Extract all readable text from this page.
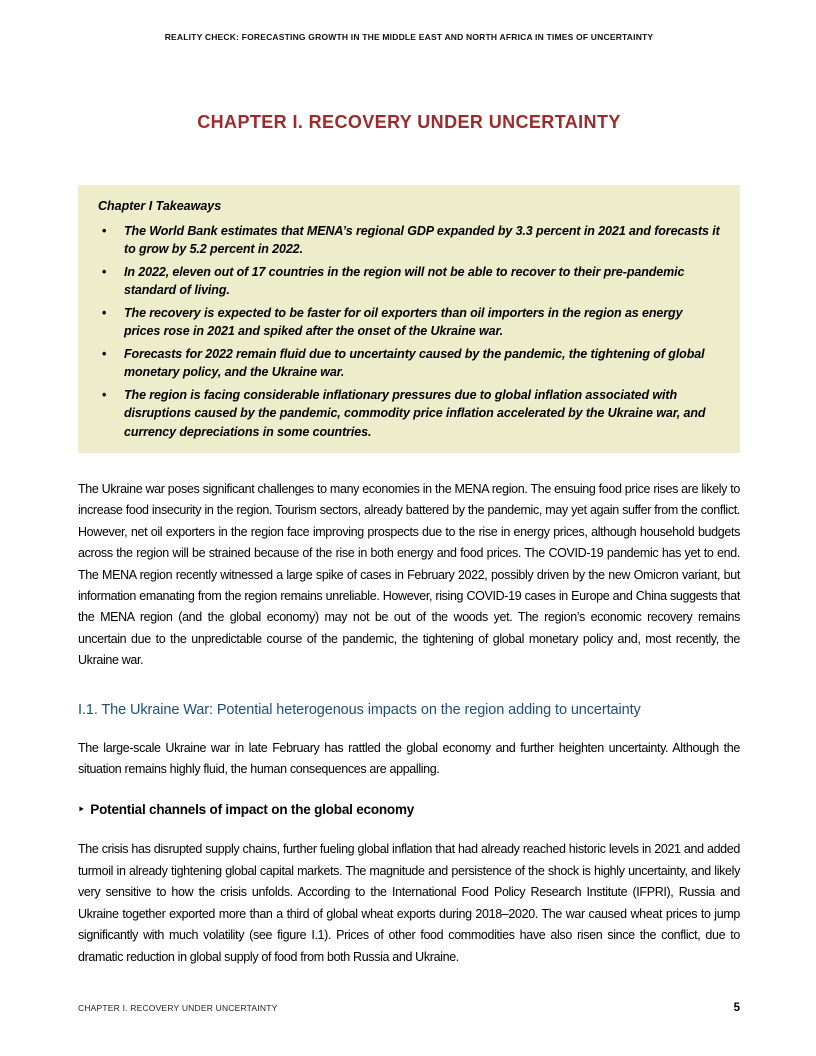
REALITY CHECK: FORECASTING GROWTH IN THE MIDDLE EAST AND NORTH AFRICA IN TIMES OF UNCERTAINTY
CHAPTER I. RECOVERY UNDER UNCERTAINTY

Chapter I Takeaways

•	The World Bank estimates that MENA’s regional GDP expanded by 3.3 percent in 2021 and forecasts it to grow by 5.2 percent in 2022.
•	In 2022, eleven out of 17 countries in the region will not be able to recover to their pre-pandemic standard of living.
•	The recovery is expected to be faster for oil exporters than oil importers in the region as energy prices rose in 2021 and spiked after the onset of the Ukraine war.
•	Forecasts for 2022 remain fluid due to uncertainty caused by the pandemic, the tightening of global monetary policy, and the Ukraine war.
•	The region is facing considerable inflationary pressures due to global inflation associated with disruptions caused by the pandemic, commodity price inflation accelerated by the Ukraine war, and currency depreciations in some countries.

The Ukraine war poses significant challenges to many economies in the MENA region. The ensuing food price rises are likely to increase food insecurity in the region. Tourism sectors, already battered by the pandemic, may yet again suffer from the conflict. However, net oil exporters in the region face improving prospects due to the rise in energy prices, although household budgets across the region will be strained because of the rise in both energy and food prices. The COVID-19 pandemic has yet to end. The MENA region recently witnessed a large spike of cases in February 2022, possibly driven by the new Omicron variant, but information emanating from the region remains unreliable. However, rising COVID-19 cases in Europe and China suggests that the MENA region (and the global economy) may not be out of the woods yet. The region’s economic recovery remains uncertain due to the unpredictable course of the pandemic, the tightening of global monetary policy and, most recently, the Ukraine war.

I.1. The Ukraine War: Potential heterogenous impacts on the region adding to uncertainty

The large-scale Ukraine war in late February has rattled the global economy and further heighten uncertainty. Although the situation remains highly fluid, the human consequences are appalling.

‣ Potential channels of impact on the global economy

The crisis has disrupted supply chains, further fueling global inflation that had already reached historic levels in 2021 and added turmoil in already tightening global capital markets. The magnitude and persistence of the shock is highly uncertainty, and likely very sensitive to how the crisis unfolds. According to the International Food Policy Research Institute (IFPRI), Russia and Ukraine together exported more than a third of global wheat exports during 2018–2020. The war caused wheat prices to jump significantly with much volatility (see figure I.1). Prices of other food commodities have also risen since the conflict, due to dramatic reduction in global supply of food from both Russia and Ukraine.

CHAPTER I. RECOVERY UNDER UNCERTAINTY	5
